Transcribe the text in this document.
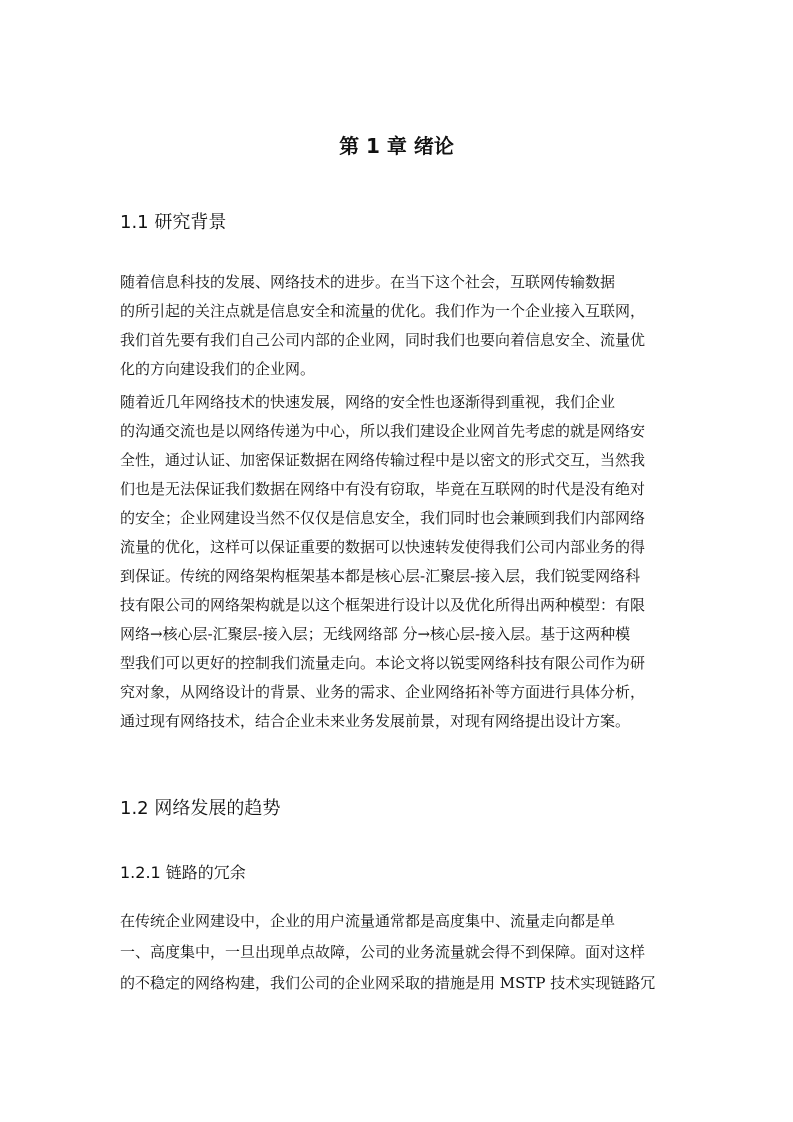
第 1 章 绪论
1.1 研究背景
随着信息科技的发展、网络技术的进步。在当下这个社会，互联网传输数据
的所引起的关注点就是信息安全和流量的优化。我们作为一个企业接入互联网，
我们首先要有我们自己公司内部的企业网，同时我们也要向着信息安全、流量优
化的方向建设我们的企业网。
随着近几年网络技术的快速发展，网络的安全性也逐渐得到重视，我们企业
的沟通交流也是以网络传递为中心，所以我们建设企业网首先考虑的就是网络安
全性，通过认证、加密保证数据在网络传输过程中是以密文的形式交互，当然我
们也是无法保证我们数据在网络中有没有窃取，毕竟在互联网的时代是没有绝对
的安全；企业网建设当然不仅仅是信息安全，我们同时也会兼顾到我们内部网络
流量的优化，这样可以保证重要的数据可以快速转发使得我们公司内部业务的得
到保证。传统的网络架构框架基本都是核心层-汇聚层-接入层，我们锐雯网络科
技有限公司的网络架构就是以这个框架进行设计以及优化所得出两种模型：有限
网络→核心层-汇聚层-接入层；无线网络部 分→核心层-接入层。基于这两种模
型我们可以更好的控制我们流量走向。本论文将以锐雯网络科技有限公司作为研
究对象，从网络设计的背景、业务的需求、企业网络拓补等方面进行具体分析，
通过现有网络技术，结合企业未来业务发展前景，对现有网络提出设计方案。
1.2 网络发展的趋势
1.2.1 链路的冗余
在传统企业网建设中，企业的用户流量通常都是高度集中、流量走向都是单
一、高度集中，一旦出现单点故障，公司的业务流量就会得不到保障。面对这样
的不稳定的网络构建，我们公司的企业网采取的措施是用 MSTP 技术实现链路冗
